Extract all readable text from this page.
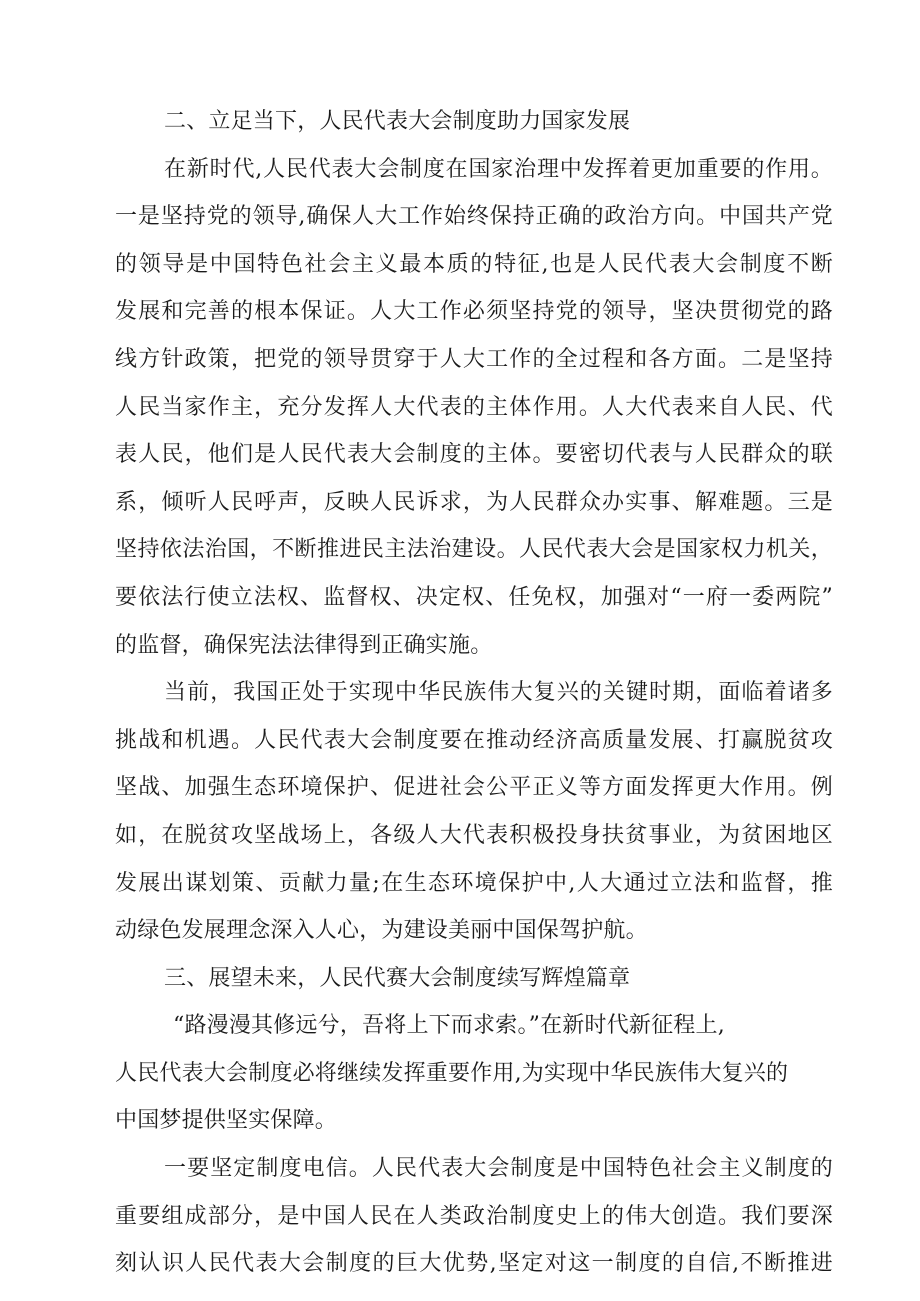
二、立足当下，人民代表大会制度助力国家发展
在新时代,人民代表大会制度在国家治理中发挥着更加重要的作用。
一是坚持党的领导,确保人大工作始终保持正确的政治方向。中国共产党
的领导是中国特色社会主义最本质的特征,也是人民代表大会制度不断
发展和完善的根本保证。人大工作必须坚持党的领导，坚决贯彻党的路
线方针政策，把党的领导贯穿于人大工作的全过程和各方面。二是坚持
人民当家作主，充分发挥人大代表的主体作用。人大代表来自人民、代
表人民，他们是人民代表大会制度的主体。要密切代表与人民群众的联
系，倾听人民呼声，反映人民诉求，为人民群众办实事、解难题。三是
坚持依法治国，不断推进民主法治建设。人民代表大会是国家权力机关，
要依法行使立法权、监督权、决定权、任免权，加强对“一府一委两院”
的监督，确保宪法法律得到正确实施。
当前，我国正处于实现中华民族伟大复兴的关键时期，面临着诸多
挑战和机遇。人民代表大会制度要在推动经济高质量发展、打赢脱贫攻
坚战、加强生态环境保护、促进社会公平正义等方面发挥更大作用。例
如，在脱贫攻坚战场上，各级人大代表积极投身扶贫事业，为贫困地区
发展出谋划策、贡献力量;在生态环境保护中,人大通过立法和监督，推
动绿色发展理念深入人心，为建设美丽中国保驾护航。
三、展望未来，人民代赛大会制度续写辉煌篇章
“路漫漫其修远兮，吾将上下而求索。”在新时代新征程上,
人民代表大会制度必将继续发挥重要作用,为实现中华民族伟大复兴的
中国梦提供坚实保障。
一要坚定制度电信。人民代表大会制度是中国特色社会主义制度的
重要组成部分，是中国人民在人类政治制度史上的伟大创造。我们要深
刻认识人民代表大会制度的巨大优势,坚定对这一制度的自信,不断推进
